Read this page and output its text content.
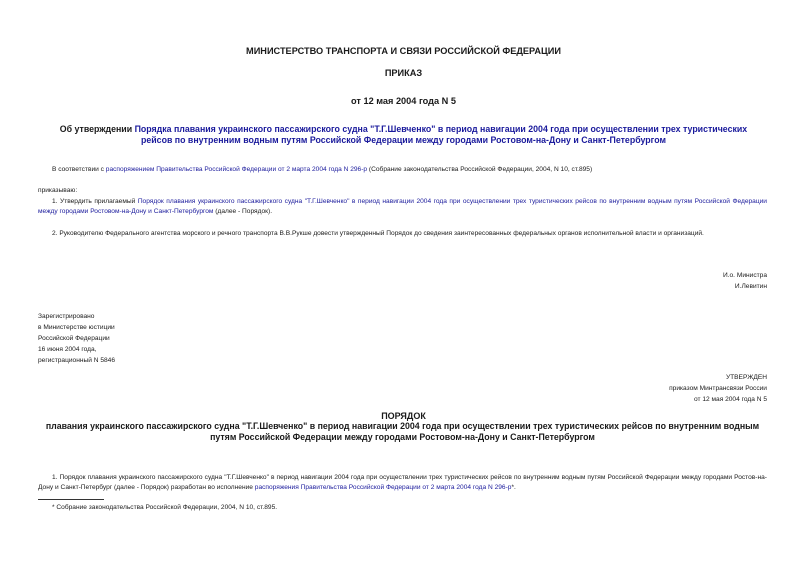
МИНИСТЕРСТВО ТРАНСПОРТА И СВЯЗИ РОССИЙСКОЙ ФЕДЕРАЦИИ
ПРИКАЗ
от 12 мая 2004 года N 5
Об утверждении Порядка плавания украинского пассажирского судна "Т.Г.Шевченко" в период навигации 2004 года при осуществлении трех туристических рейсов по внутренним водным путям Российской Федерации между городами Ростовом-на-Дону и Санкт-Петербургом
В соответствии с распоряжением Правительства Российской Федерации от 2 марта 2004 года N 296-р (Собрание законодательства Российской Федерации, 2004, N 10, ст.895)
приказываю:
1. Утвердить прилагаемый Порядок плавания украинского пассажирского судна "Т.Г.Шевченко" в период навигации 2004 года при осуществлении трех туристических рейсов по внутренним водным путям Российской Федерации между городами Ростовом-на-Дону и Санкт-Петербургом (далее - Порядок).
2. Руководителю Федерального агентства морского и речного транспорта В.В.Рукше довести утвержденный Порядок до сведения заинтересованных федеральных органов исполнительной власти и организаций.
И.о. Министра
И.Левитин
Зарегистрировано
в Министерстве юстиции
Российской Федерации
16 июня 2004 года,
регистрационный N 5846
УТВЕРЖДЕН
приказом Минтрансвязи России
от 12 мая 2004 года N 5
ПОРЯДОК
плавания украинского пассажирского судна "Т.Г.Шевченко" в период навигации 2004 года при осуществлении трех туристических рейсов по внутренним водным путям Российской Федерации между городами Ростовом-на-Дону и Санкт-Петербургом
1. Порядок плавания украинского пассажирского судна "Т.Г.Шевченко" в период навигации 2004 года при осуществлении трех туристических рейсов по внутренним водным путям Российской Федерации между городами Ростов-на-Дону и Санкт-Петербург (далее - Порядок) разработан во исполнение распоряжения Правительства Российской Федерации от 2 марта 2004 года N 296-р*.
* Собрание законодательства Российской Федерации, 2004, N 10, ст.895.
